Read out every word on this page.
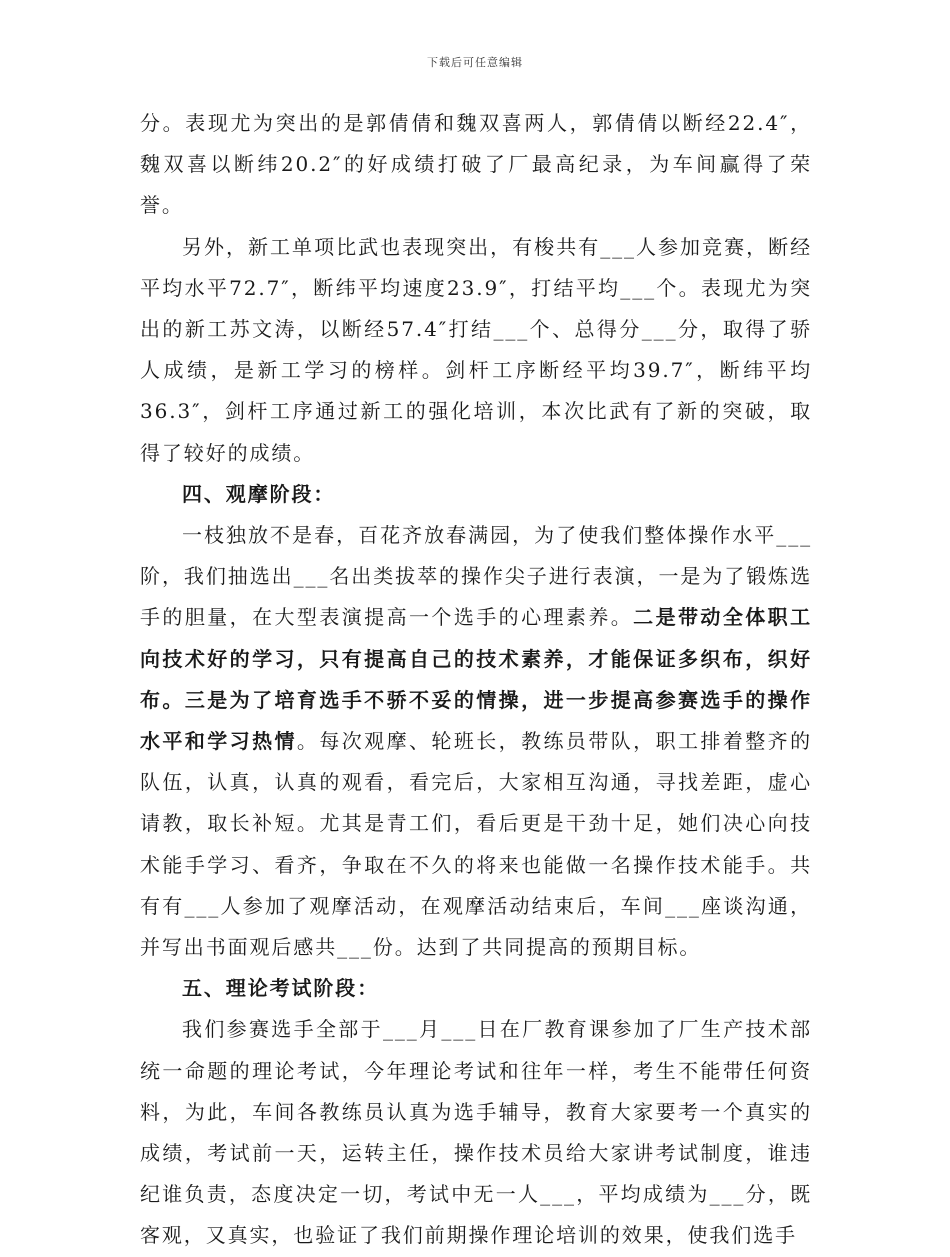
下载后可任意编辑

分。表现尤为突出的是郭倩倩和魏双喜两人，郭倩倩以断经22.4″，魏双喜以断纬20.2″的好成绩打破了厂最高纪录，为车间赢得了荣誉。

另外，新工单项比武也表现突出，有梭共有___人参加竞赛，断经平均水平72.7″，断纬平均速度23.9″，打结平均___个。表现尤为突出的新工苏文涛，以断经57.4″打结___个、总得分___分，取得了骄人成绩，是新工学习的榜样。剑杆工序断经平均39.7″，断纬平均36.3″，剑杆工序通过新工的强化培训，本次比武有了新的突破，取得了较好的成绩。

四、观摩阶段：

一枝独放不是春，百花齐放春满园，为了使我们整体操作水平___阶，我们抽选出___名出类拔萃的操作尖子进行表演，一是为了锻炼选手的胆量，在大型表演提高一个选手的心理素养。二是带动全体职工向技术好的学习，只有提高自己的技术素养，才能保证多织布，织好布。三是为了培育选手不骄不妥的情操，进一步提高参赛选手的操作水平和学习热情。每次观摩、轮班长，教练员带队，职工排着整齐的队伍，认真，认真的观看，看完后，大家相互沟通，寻找差距，虚心请教，取长补短。尤其是青工们，看后更是干劲十足，她们决心向技术能手学习、看齐，争取在不久的将来也能做一名操作技术能手。共有有___人参加了观摩活动，在观摩活动结束后，车间___座谈沟通，并写出书面观后感共___份。达到了共同提高的预期目标。

五、理论考试阶段：

我们参赛选手全部于___月___日在厂教育课参加了厂生产技术部统一命题的理论考试，今年理论考试和往年一样，考生不能带任何资料，为此，车间各教练员认真为选手辅导，教育大家要考一个真实的成绩，考试前一天，运转主任，操作技术员给大家讲考试制度，谁违纪谁负责，态度决定一切，考试中无一人___，平均成绩为___分，既客观，又真实，也验证了我们前期操作理论培训的效果，使我们选手
